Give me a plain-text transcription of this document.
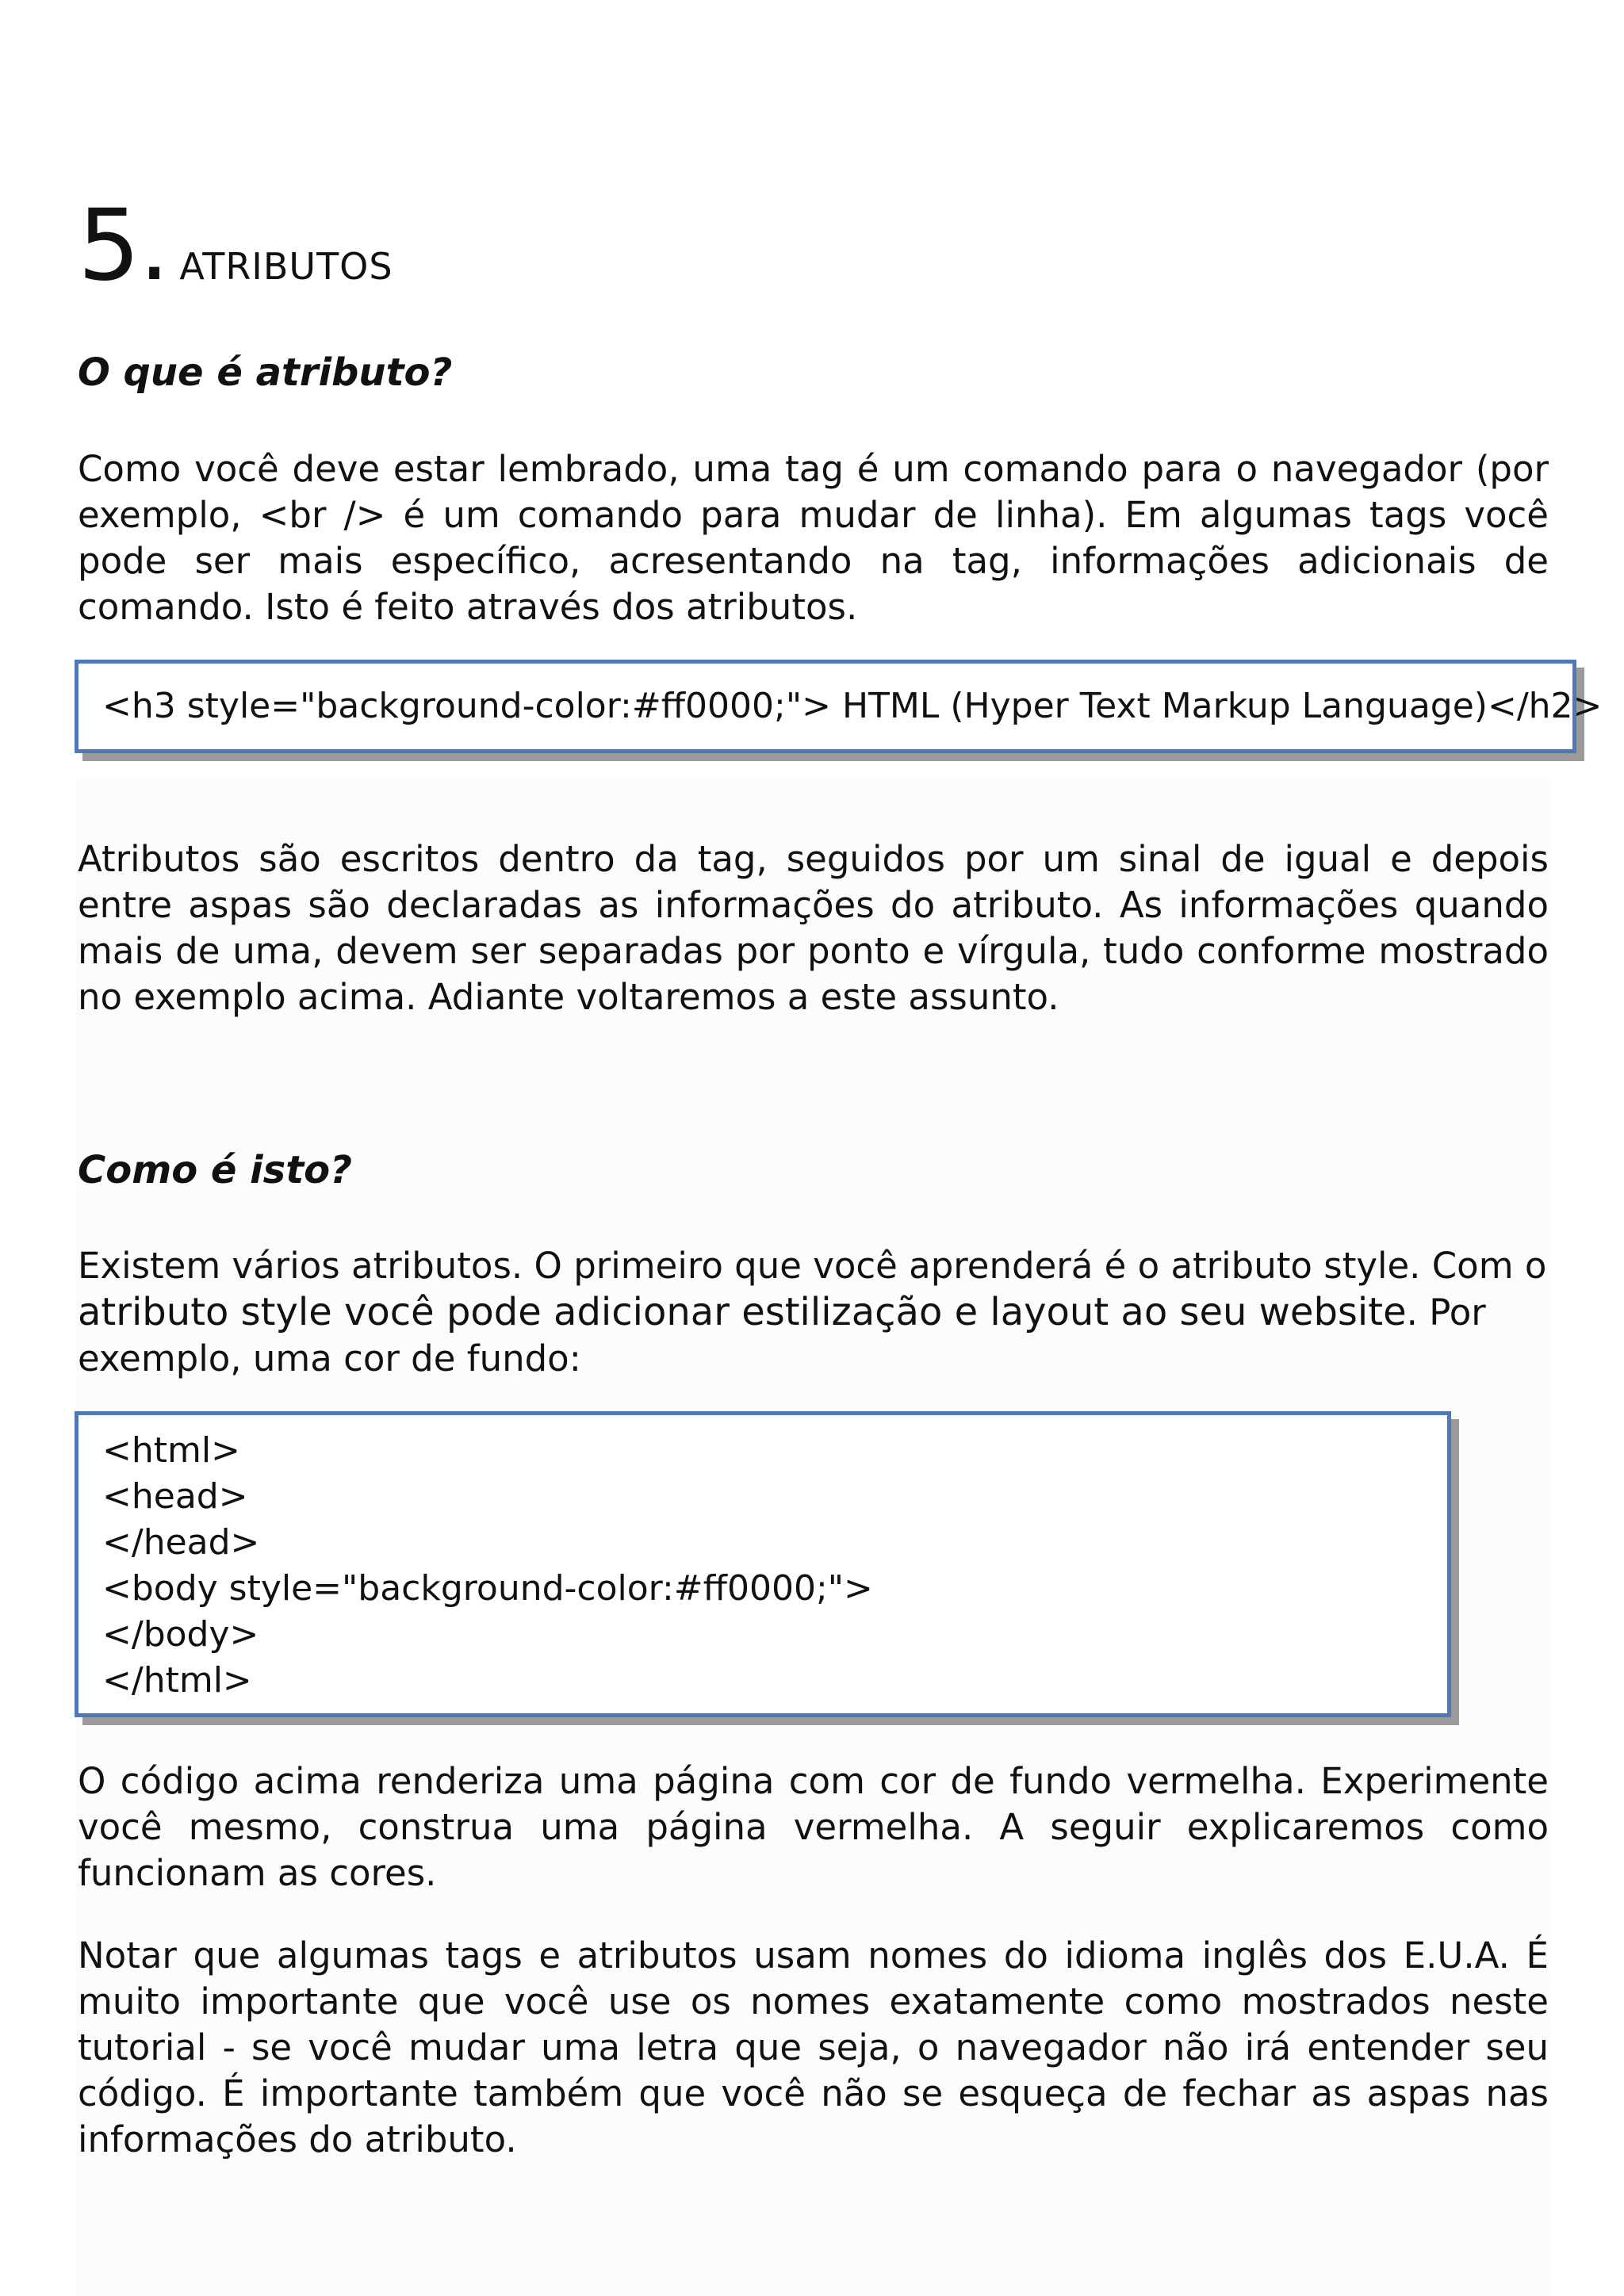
5. ATRIBUTOS
O que é atributo?
Como você deve estar lembrado, uma tag é um comando para o navegador (por exemplo, <br /> é um comando para mudar de linha). Em algumas tags você pode ser mais específico, acresentando na tag, informações adicionais de comando. Isto é feito através dos atributos.
<h3 style="background-color:#ff0000;"> HTML (Hyper Text Markup Language)</h2>
Atributos são escritos dentro da tag, seguidos por um sinal de igual e depois entre aspas são declaradas as informações do atributo. As informações quando mais de uma, devem ser separadas por ponto e vírgula, tudo conforme mostrado no exemplo acima. Adiante voltaremos a este assunto.
Como é isto?
Existem vários atributos. O primeiro que você aprenderá é o atributo style. Com o atributo style você pode adicionar estilização e layout ao seu website. Por exemplo, uma cor de fundo:
<html>
<head>
</head>
<body style="background-color:#ff0000;">
</body>
</html>
O código acima renderiza uma página com cor de fundo vermelha. Experimente você mesmo, construa uma página vermelha. A seguir explicaremos como funcionam as cores.
Notar que algumas tags e atributos usam nomes do idioma inglês dos E.U.A. É muito importante que você use os nomes exatamente como mostrados neste tutorial - se você mudar uma letra que seja, o navegador não irá entender seu código. É importante também que você não se esqueça de fechar as aspas nas informações do atributo.
